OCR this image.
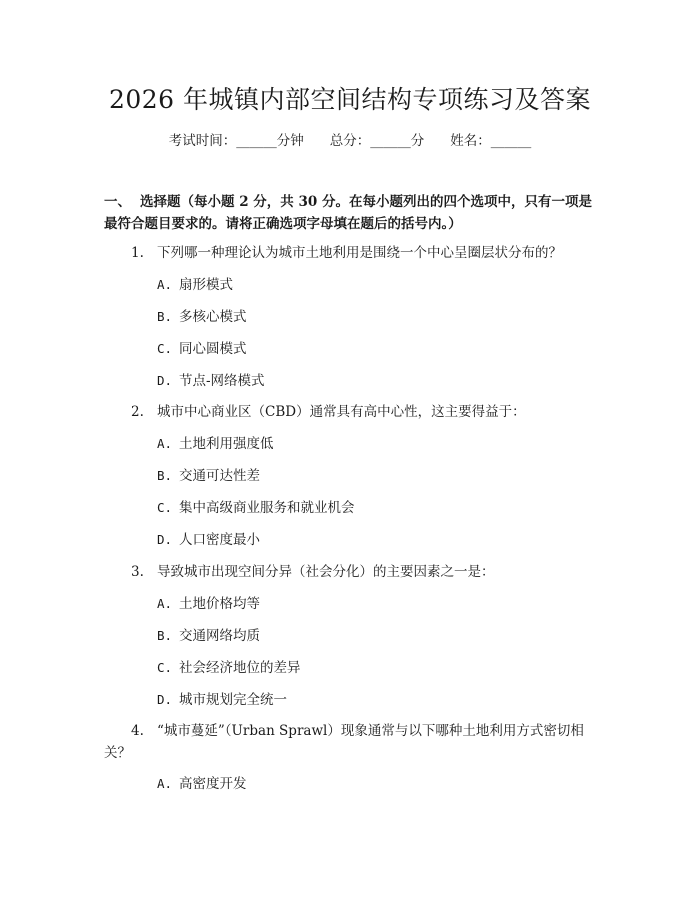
2026 年城镇内部空间结构专项练习及答案
考试时间：______分钟 总分：______分 姓名：______
一、 选择题（每小题 2 分，共 30 分。在每小题列出的四个选项中，只有一项是最符合题目要求的。请将正确选项字母填在题后的括号内。）
1. 下列哪一种理论认为城市土地利用是围绕一个中心呈圈层状分布的？
A. 扇形模式
B. 多核心模式
C. 同心圆模式
D. 节点-网络模式
2. 城市中心商业区（CBD）通常具有高中心性，这主要得益于：
A. 土地利用强度低
B. 交通可达性差
C. 集中高级商业服务和就业机会
D. 人口密度最小
3. 导致城市出现空间分异（社会分化）的主要因素之一是：
A. 土地价格均等
B. 交通网络均质
C. 社会经济地位的差异
D. 城市规划完全统一
4. “城市蔓延”（Urban Sprawl）现象通常与以下哪种土地利用方式密切相
关？
A. 高密度开发
